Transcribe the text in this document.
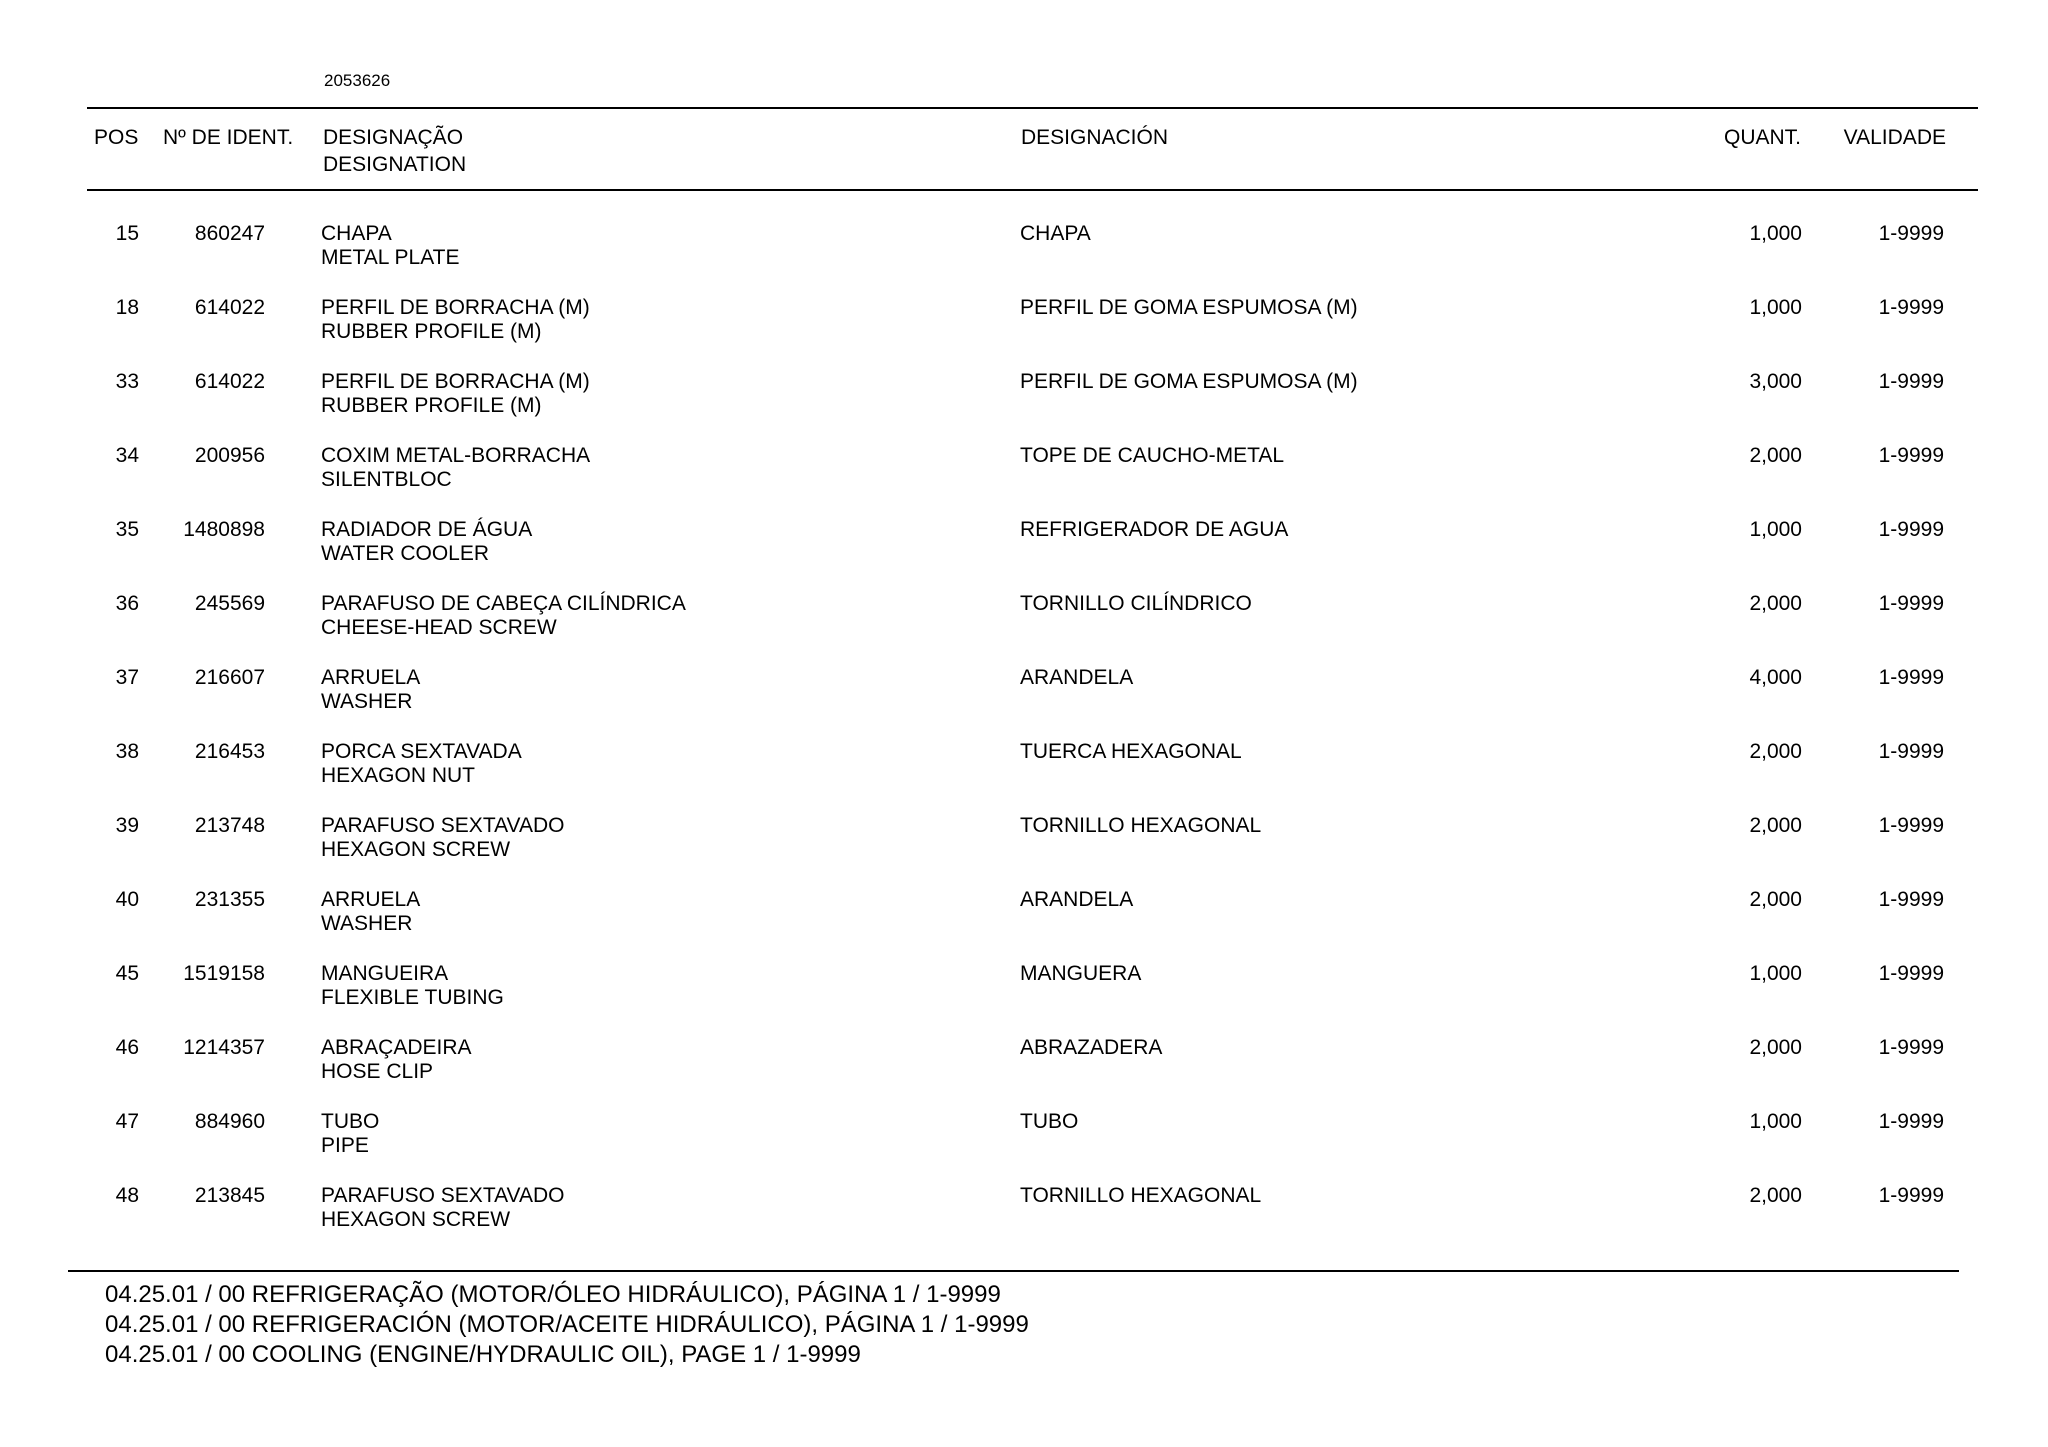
2053626
POS Nº DE IDENT. DESIGNAÇÃO
DESIGNATION
DESIGNACIÓN	QUANT. VALIDADE
15	860247	CHAPA
METAL PLATE
CHAPA	1,000	1-9999
18	614022	PERFIL DE BORRACHA (M)
RUBBER PROFILE (M)
PERFIL DE GOMA ESPUMOSA (M)	1,000	1-9999
33	614022	PERFIL DE BORRACHA (M)
RUBBER PROFILE (M)
PERFIL DE GOMA ESPUMOSA (M)	3,000	1-9999
34	200956	COXIM METAL-BORRACHA
SILENTBLOC
TOPE DE CAUCHO-METAL	2,000	1-9999
35 1480898	RADIADOR DE ÁGUA
WATER COOLER
REFRIGERADOR DE AGUA	1,000	1-9999
36	245569	PARAFUSO DE CABEÇA CILÍNDRICA
CHEESE-HEAD SCREW
TORNILLO CILÍNDRICO	2,000	1-9999
37	216607	ARRUELA
WASHER
ARANDELA	4,000	1-9999
38	216453	PORCA SEXTAVADA
HEXAGON NUT
TUERCA HEXAGONAL	2,000	1-9999
39	213748	PARAFUSO SEXTAVADO
HEXAGON SCREW
TORNILLO HEXAGONAL	2,000	1-9999
40	231355	ARRUELA
WASHER
ARANDELA	2,000	1-9999
45 1519158	MANGUEIRA
FLEXIBLE TUBING
MANGUERA	1,000	1-9999
46 1214357	ABRAÇADEIRA
HOSE CLIP
ABRAZADERA	2,000	1-9999
47	884960	TUBO
PIPE
TUBO	1,000	1-9999
48	213845	PARAFUSO SEXTAVADO
HEXAGON SCREW
TORNILLO HEXAGONAL	2,000	1-9999
04.25.01 / 00 REFRIGERAÇÃO (MOTOR/ÓLEO HIDRÁULICO), PÁGINA 1 / 1-9999
04.25.01 / 00 REFRIGERACIÓN (MOTOR/ACEITE HIDRÁULICO), PÁGINA 1 / 1-9999
04.25.01 / 00 COOLING (ENGINE/HYDRAULIC OIL), PAGE 1 / 1-9999
